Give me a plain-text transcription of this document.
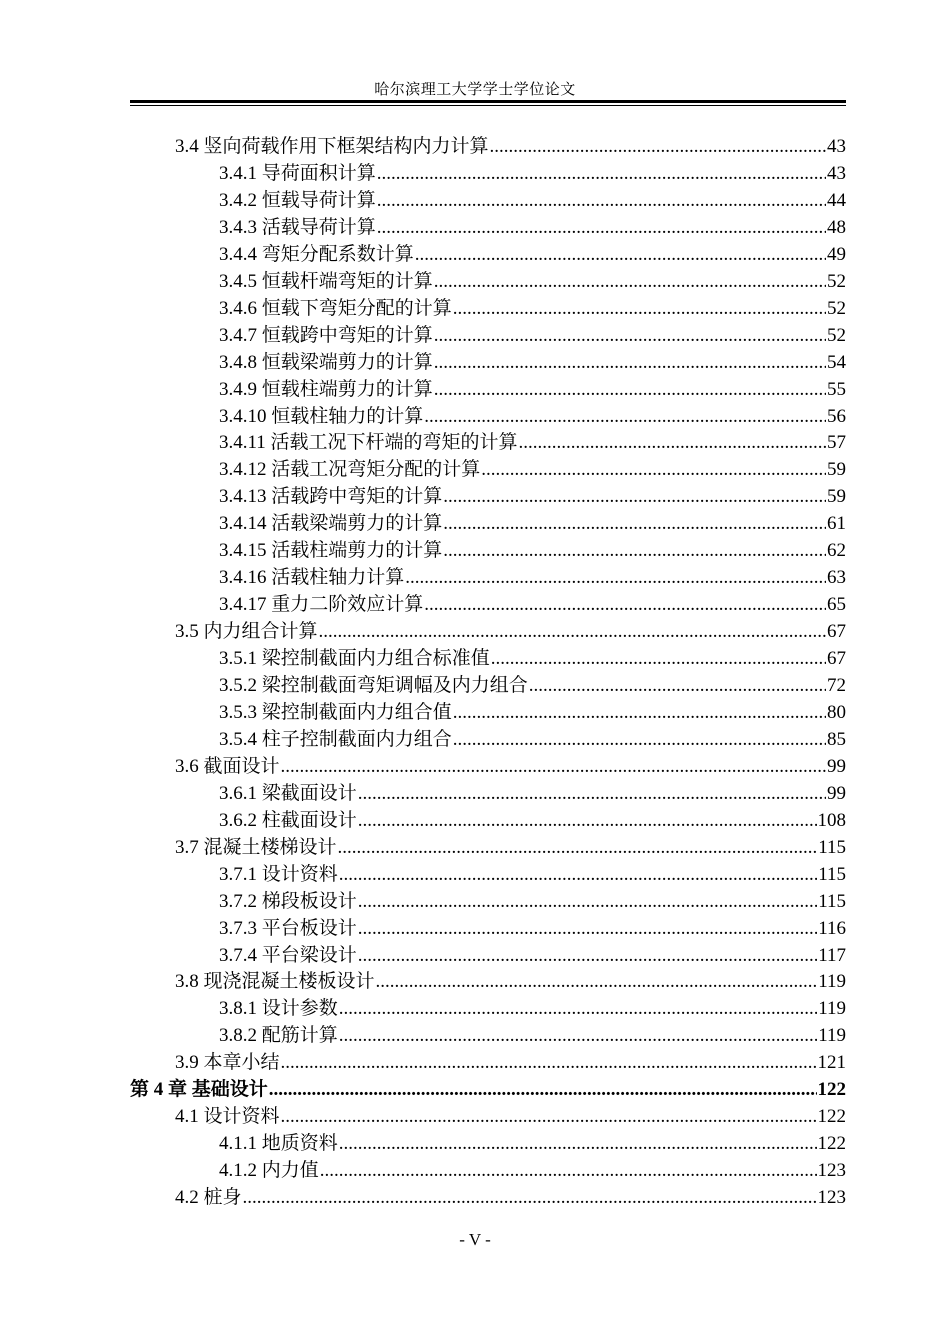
哈尔滨理工大学学士学位论文
3.4 竖向荷载作用下框架结构内力计算 .....	43
3.4.1 导荷面积计算 .....	43
3.4.2 恒载导荷计算 .....	44
3.4.3 活载导荷计算 .....	48
3.4.4 弯矩分配系数计算 .....	49
3.4.5 恒载杆端弯矩的计算 .....	52
3.4.6 恒载下弯矩分配的计算 .....	52
3.4.7 恒载跨中弯矩的计算 .....	52
3.4.8 恒载梁端剪力的计算 .....	54
3.4.9 恒载柱端剪力的计算 .....	55
3.4.10 恒载柱轴力的计算 .....	56
3.4.11 活载工况下杆端的弯矩的计算 .....	57
3.4.12 活载工况弯矩分配的计算 .....	59
3.4.13 活载跨中弯矩的计算 .....	59
3.4.14 活载梁端剪力的计算 .....	61
3.4.15 活载柱端剪力的计算 .....	62
3.4.16 活载柱轴力计算 .....	63
3.4.17 重力二阶效应计算 .....	65
3.5 内力组合计算 .....	67
3.5.1 梁控制截面内力组合标准值 .....	67
3.5.2 梁控制截面弯矩调幅及内力组合 .....	72
3.5.3 梁控制截面内力组合值 .....	80
3.5.4 柱子控制截面内力组合 .....	85
3.6 截面设计 .....	99
3.6.1 梁截面设计 .....	99
3.6.2 柱截面设计 .....	108
3.7 混凝土楼梯设计 .....	115
3.7.1 设计资料 .....	115
3.7.2 梯段板设计 .....	115
3.7.3 平台板设计 .....	116
3.7.4 平台梁设计 .....	117
3.8 现浇混凝土楼板设计 .....	119
3.8.1 设计参数 .....	119
3.8.2 配筋计算 .....	119
3.9 本章小结 .....	121
第 4 章 基础设计 .....	122
4.1 设计资料 .....	122
4.1.1 地质资料 .....	122
4.1.2 内力值 .....	123
4.2 桩身 .....	123
- V -
